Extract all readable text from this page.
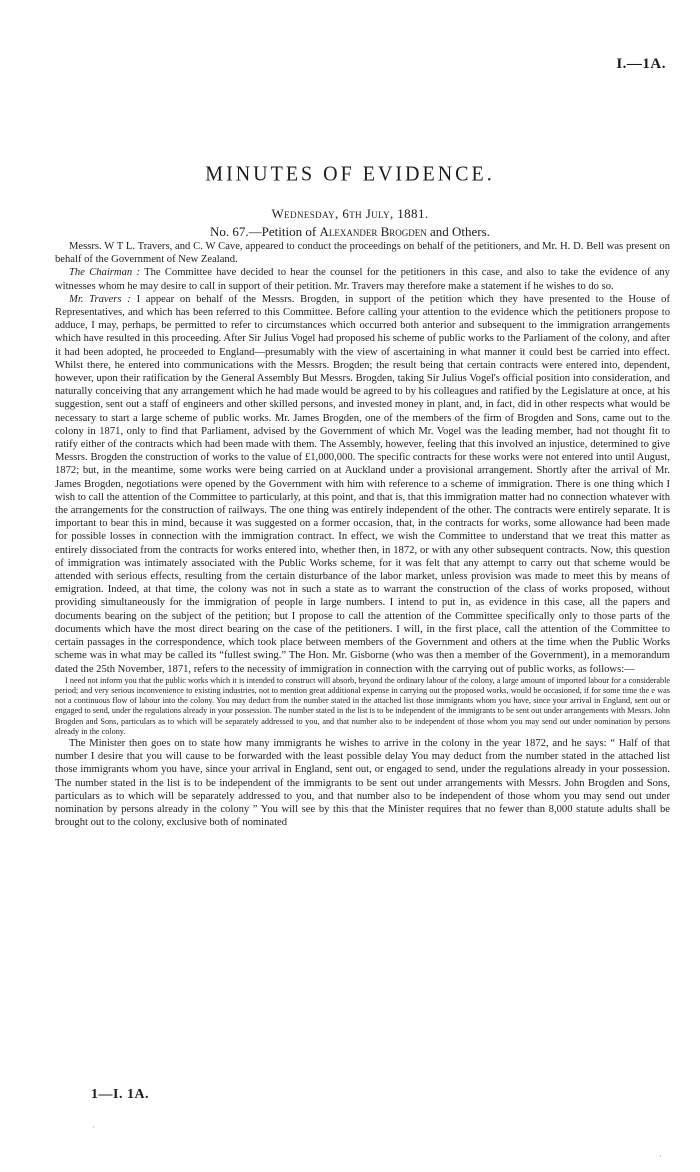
I.—1A.
MINUTES OF EVIDENCE.
Wednesday, 6th July, 1881.
No. 67.—Petition of Alexander Brogden and Others.

Messrs. W T L. Travers, and C. W Cave, appeared to conduct the proceedings on behalf of the petitioners, and Mr. H. D. Bell was present on behalf of the Government of New Zealand.

The Chairman : The Committee have decided to hear the counsel for the petitioners in this case, and also to take the evidence of any witnesses whom he may desire to call in support of their petition. Mr. Travers may therefore make a statement if he wishes to do so.

Mr. Travers : I appear on behalf of the Messrs. Brogden, in support of the petition which they have presented to the House of Representatives, and which has been referred to this Committee. Before calling your attention to the evidence which the petitioners propose to adduce, I may, perhaps, be permitted to refer to circumstances which occurred both anterior and subsequent to the immigration arrangements which have resulted in this proceeding. After Sir Julius Vogel had proposed his scheme of public works to the Parliament of the colony, and after it had been adopted, he proceeded to England—presumably with the view of ascertaining in what manner it could best be carried into effect. Whilst there, he entered into communications with the Messrs. Brogden; the result being that certain contracts were entered into, dependent, however, upon their ratification by the General Assembly But Messrs. Brogden, taking Sir Julius Vogel's official position into consideration, and naturally conceiving that any arrangement which he had made would be agreed to by his colleagues and ratified by the Legislature at once, at his suggestion, sent out a staff of engineers and other skilled persons, and invested money in plant, and, in fact, did in other respects what would be necessary to start a large scheme of public works. Mr. James Brogden, one of the members of the firm of Brogden and Sons, came out to the colony in 1871, only to find that Parliament, advised by the Government of which Mr. Vogel was the leading member, had not thought fit to ratify either of the contracts which had been made with them. The Assembly, however, feeling that this involved an injustice, determined to give Messrs. Brogden the construction of works to the value of £1,000,000. The specific contracts for these works were not entered into until August, 1872; but, in the meantime, some works were being carried on at Auckland under a provisional arrangement. Shortly after the arrival of Mr. James Brogden, negotiations were opened by the Government with him with reference to a scheme of immigration. There is one thing which I wish to call the attention of the Committee to particularly, at this point, and that is, that this immigration matter had no connection whatever with the arrangements for the construction of railways. The one thing was entirely independent of the other. The contracts were entirely separate. It is important to bear this in mind, because it was suggested on a former occasion, that, in the contracts for works, some allowance had been made for possible losses in connection with the immigration contract. In effect, we wish the Committee to understand that we treat this matter as entirely dissociated from the contracts for works entered into, whether then, in 1872, or with any other subsequent contracts. Now, this question of immigration was intimately associated with the Public Works scheme, for it was felt that any attempt to carry out that scheme would be attended with serious effects, resulting from the certain disturbance of the labor market, unless provision was made to meet this by means of emigration. Indeed, at that time, the colony was not in such a state as to warrant the construction of the class of works proposed, without providing simultaneously for the immigration of people in large numbers. I intend to put in, as evidence in this case, all the papers and documents bearing on the subject of the petition; but I propose to call the attention of the Committee specifically only to those parts of the documents which have the most direct bearing on the case of the petitioners. I will, in the first place, call the attention of the Committee to certain passages in the correspondence, which took place between members of the Government and others at the time when the Public Works scheme was in what may be called its “fullest swing.” The Hon. Mr. Gisborne (who was then a member of the Government), in a memorandum dated the 25th November, 1871, refers to the necessity of immigration in connection with the carrying out of public works, as follows:—

I need not inform you that the public works which it is intended to construct will absorb, beyond the ordinary labour of the colony, a large amount of imported labour for a considerable period; and very serious inconvenience to existing industries, not to mention great additional expense in carrying out the proposed works, would be occasioned, if for some time the e was not a continuous flow of labour into the colony. You may deduct from the number stated in the attached list those immigrants whom you have, since your arrival in England, sent out or engaged to send, under the regulations already in your possession. The number stated in the list is to be independent of the immigrants to be sent out under arrangements with Messrs. John Brogden and Sons, particulars as to which will be separately addressed to you, and that number also to be independent of those whom you may send out under nomination by persons already in the colony.

The Minister then goes on to state how many immigrants he wishes to arrive in the colony in the year 1872, and he says: “ Half of that number I desire that you will cause to be forwarded with the least possible delay You may deduct from the number stated in the attached list those immigrants whom you have, since your arrival in England, sent out, or engaged to send, under the regulations already in your possession. The number stated in the list is to be independent of the immigrants to be sent out under arrangements with Messrs. John Brogden and Sons, particulars as to which will be separately addressed to you, and that number also to be independent of those whom you may send out under nomination by persons already in the colony ” You will see by this that the Minister requires that no fewer than 8,000 statute adults shall be brought out to the colony, exclusive both of nominated

1—I. 1A.
·
·
